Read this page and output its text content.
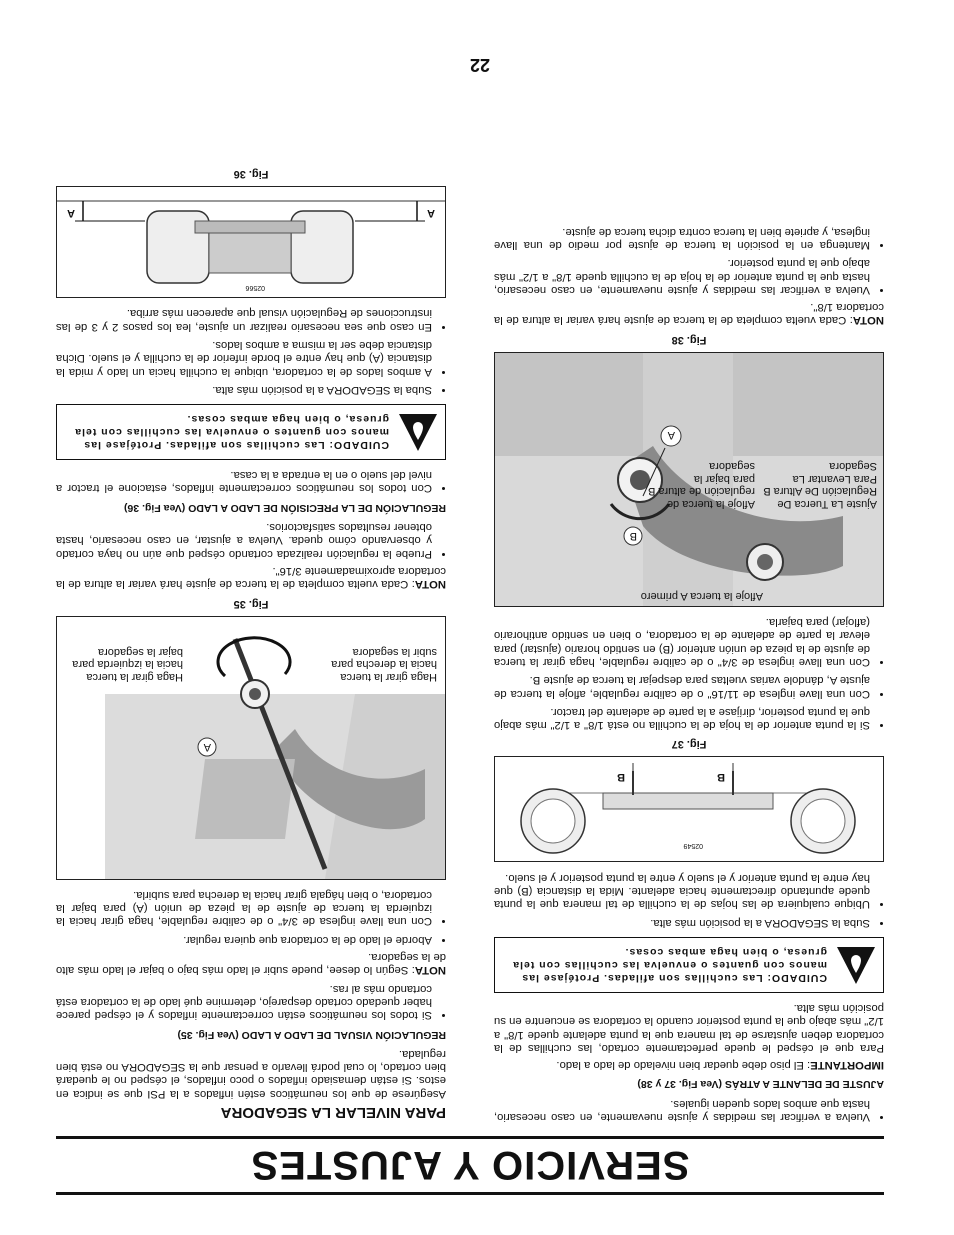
SERVICIO Y AJUSTES
• Vuelva a verificar las medidas y ajuste nuevamente, en caso necesario, hasta que ambos lados queden iguales.
AJUSTE DE DELANTE A ATRÁS (Vea Fig. 37 y 38)

IMPORTANTE: El piso debe quedar bien nivelado de lado a lado.

Para que el césped le quede perfectamente cortado, las cuchillas de la cortadora deben ajustarse de tal manera que la punta adelante quede 1/8" a 1/2" más abajo que la punta posterior cuando la cortadora se encuentre en su posición más alta.

CUIDADO: Las cuchillas son afiladas. Protéjase las manos con guantes o envuelva las cuchillas con tela gruesa, o bien haga ambas cosas.
• Suba la SEGADORA a la posición más alta.
• Ubique cualquiera de las hojas de la cuchilla de tal manera que la punta quede apuntando directamente hacia adelante. Mida la distancia (B) que hay entre la punta anterior y el suelo y entre la punta posterior y el suelo.
B
B
02549
Fig. 37
• Si la punta anterior de la hoja de la cuchilla no está 1/8" a 1/2" más abajo que la punta posterior, diríjase a la parte de adelante del tractor.
• Con una llave inglesa de 11/16" o de calibre regulable, afloje la tuerca de ajuste A, dándole varias vueltas para despejar la tuerca de ajuste B.
• Con una llave inglesa de 3/4" o de calibre regulable, haga girar la tuerca de ajuste de la pieza de unión anterior (B) en sentido horario (ajustar) para elevar la parte de adelante de la cortadora, o bien en sentido antihorario (aflojar) para bajarla.
A
B
Ajuste La Tuerca De Regulación De Altura B Para Levantar La Segadora
Afloje la tuerca de regulación de altura B para bajar la segadora
Afloje la tuerca A primero
Fig. 38

NOTA: Cada vuelta completa de la tuerca de ajuste hará variar la altura de la cortadora 1/8".

• Vuelva a verificar las medidas y ajuste nuevamente, en caso necesario, hasta que la punta anterior de la hoja de la cuchilla quede 1/8" a 1/2" más abajo que la punta posterior.
• Mantenga en la posición la tuerca de ajuste por medio de una llave inglesa, y apriete bien la tuerca contra dicha tuerca de ajuste.
PARA NIVELAR LA SEGADORA

Asegúrese de que los neumáticos estén inflados a la PSI que se indica en estos. Si están demasiado inflados o poco inflados, el césped no le quedará bien cortado, lo cual podrá llevarlo a pensar que la SEGADORA no está bien regulada.

REGULACIÓN VISUAL DE LADO A LADO (Vea Fig. 35)
• Si todos los neumáticos están correctamente inflados y el césped parece haber quedado cortado desparejo, determine qué lado de la cortadora está cortando más al ras.

NOTA: Según lo desee, puede subir el lado más bajo o bajar el lado más alto de la segadora.

• Aborde el lado de la cortadora que quiera regular.
• Con una llave inglesa de 3/4" o de calibre regulable, haga girar hacia la izquierda la tuerca de ajuste de la pieza de unión (A) para bajar la cortadora, o bien hágala girar hacia la derecha para subirla.
A
Haga girar la tuerca hacia la derecha para subir la segadora
Haga girar la tuerca hacia la izquierda para bajar la segadora
Fig. 35

NOTA: Cada vuelta completa de la tuerca de ajuste hará variar la altura de la cortadora aproximadamente 3/16".

• Pruebe la regulación realizada cortando césped que aún no haya cortado y observando cómo queda. Vuelva a ajustar, en caso necesario, hasta obtener resultados satisfactorios.
REGULACIÓN DE LA PRECISIÓN DE LADO A LADO (Vea Fig. 36)
• Con todos los neumáticos correctamente inflados, estacione el tractor a nivel del suelo o en la entrada a la casa.
CUIDADO: Las cuchillas son afiladas. Protéjase las manos con guantes o envuelva las cuchillas con tela gruesa, o bien haga ambas cosas.
• Suba la SEGADORA a la posición más alta.
• A ambos lados de la cortadora, ubique la cuchilla hacia un lado y mida la distancia (A) que hay entre el borde inferior de la cuchilla y el suelo. Dicha distancia debe ser la misma a ambos lados.
• En caso que sea necesario realizar un ajuste, lea los pasos 2 y 3 de las instrucciones de Regulación visual que aparecen más arriba.
A
A
02566
Fig. 36
22
